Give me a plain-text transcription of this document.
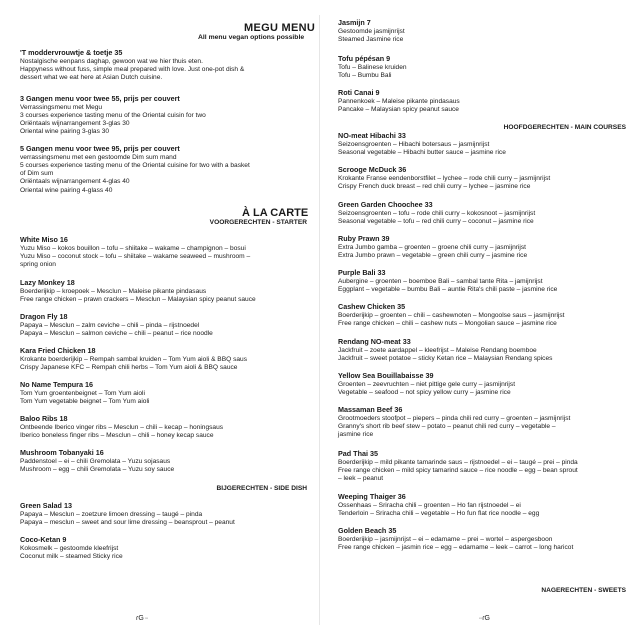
MEGU MENU
All menu vegan options possible
'T moddervrouwtje & toetje 35
Nostalgische eenpans daghap, gewoon wat we hier thuis eten.
Happyness without fuss, simple meal prepared with love. Just one-pot dish &
dessert what we eat here at Asian Dutch cuisine.
3 Gangen menu voor twee 55, prijs per couvert
Verrassingsmenu met Megu
3 courses experience tasting menu of the Oriental cuisin for two
Oriëntaals wijnarrangement 3-glas 30
Oriental wine pairing 3-glas 30
5 Gangen menu voor twee 95, prijs per couvert
verrassingsmenu met een gestoomde Dim sum mand
5 courses experience tasting menu of the Oriental cuisine for two with a basket
of Dim sum
Oriëntaals wijnarrangement 4-glas 40
Oriental wine pairing 4-glass 40
À LA CARTE
VOORGERECHTEN - STARTER
White Miso 16
Yuzu Miso – kokos bouillon – tofu – shiitake – wakame – champignon – bosui
Yuzu Miso – coconut stock – tofu – shiitake – wakame seaweed – mushroom –
spring onion
Lazy Monkey 18
Boerderijkip – kroepoek – Mesclun – Maleise pikante pindasaus
Free range chicken – prawn crackers – Mesclun – Malaysian spicy peanut sauce
Dragon Fly 18
Papaya – Mesclun – zalm ceviche – chili – pinda – rijstnoedel
Papaya – Mesclun – salmon ceviche – chili – peanut – rice noodle
Kara Fried Chicken 18
Krokante boerderijkip – Rempah sambal kruiden – Tom Yum aioli & BBQ saus
Crispy Japanese KFC – Rempah chili herbs – Tom Yum aioli & BBQ sauce
No Name Tempura 16
Tom Yum groentenbeignet – Tom Yum aioli
Tom Yum vegetable beignet – Tom Yum aioli
Baloo Ribs 18
Ontbeende Iberico vinger ribs – Mesclun – chili – kecap – honingsaus
Iberico boneless finger ribs – Mesclun – chili – honey kecap sauce
Mushroom Tobanyaki 16
Paddenstoel – ei – chili Gremolata – Yuzu sojasaus
Mushroom – egg – chili Gremolata – Yuzu soy sauce
BIJGERECHTEN - SIDE DISH
Green Salad 13
Papaya – Mesclun – zoetzure limoen dressing – taugé – pinda
Papaya – mesclun – sweet and sour lime dressing – beansprout – peanut
Coco-Ketan 9
Kokosmelk – gestoomde kleefrijst
Coconut milk – steamed Sticky rice
ɾG▪▪▪
Jasmijn 7
Gestoomde jasmijnrijst
Steamed Jasmine rice
Tofu pépésan 9
Tofu – Balinese kruiden
Tofu – Bumbu Bali
Roti Canai 9
Pannenkoek – Maleise pikante pindasaus
Pancake – Malaysian spicy peanut sauce
HOOFDGERECHTEN - MAIN COURSES
NO-meat Hibachi 33
Seizoensgroenten – Hibachi botersaus – jasmijnrijst
Seasonal vegetable – Hibachi butter sauce – jasmine rice
Scrooge McDuck 36
Krokante Franse eendenborstfilet – lychee – rode chili curry – jasmijnrijst
Crispy French duck breast – red chili curry – lychee – jasmine rice
Green Garden Choochee 33
Seizoensgroenten – tofu – rode chili curry – kokosnoot – jasmijnrijst
Seasonal vegetable – tofu – red chili curry – coconut – jasmine rice
Ruby Prawn 39
Extra Jumbo gamba – groenten – groene chili curry – jasmijnrijst
Extra Jumbo prawn – vegetable – green chili curry – jasmine rice
Purple Bali 33
Aubergine – groenten – boemboe Bali – sambal tante Rita – jamijnrijst
Eggplant – vegetable – bumbu Bali – auntie Rita's chili paste – jasmine rice
Cashew Chicken 35
Boerderijkip – groenten – chili – cashewnoten – Mongoolse saus – jasmijnrijst
Free range chicken – chili – cashew nuts – Mongolian sauce – jasmine rice
Rendang NO-meat 33
Jackfruit – zoete aardappel – kleefrijst – Maleise Rendang boemboe
Jackfruit – sweet potatoe – sticky Ketan rice – Malaysian Rendang spices
Yellow Sea Bouillabaisse 39
Groenten – zeevruchten – niet pittige gele curry – jasmijnrijst
Vegetable – seafood – not spicy yellow curry – jasmine rice
Massaman Beef 36
Grootmoeders stoofpot – piepers – pinda chili red curry – groenten – jasmijnrijst
Granny's short rib beef stew – potato – peanut chili red curry – vegetable –
jasmine rice
Pad Thai 35
Boerderijkip – mild pikante tamarinde saus – rijstnoedel – ei – taugé – prei – pinda
Free range chicken – mild spicy tamarind sauce – rice noodle – egg – bean sprout
– leek – peanut
Weeping Thaiger 36
Ossenhaas – Sriracha chili – groenten – Ho fan rijstnoedel – ei
Tenderloin – Sriracha chili – vegetable – Ho fun flat rice noodle – egg
Golden Beach 35
Boerderijkip – jasmijnrijst – ei – edamame – prei – wortel – aspergesboon
Free range chicken – jasmin rice – egg – edamame – leek – carrot – long haricot
NAGERECHTEN - SWEETS
▪▪▪ɾG
